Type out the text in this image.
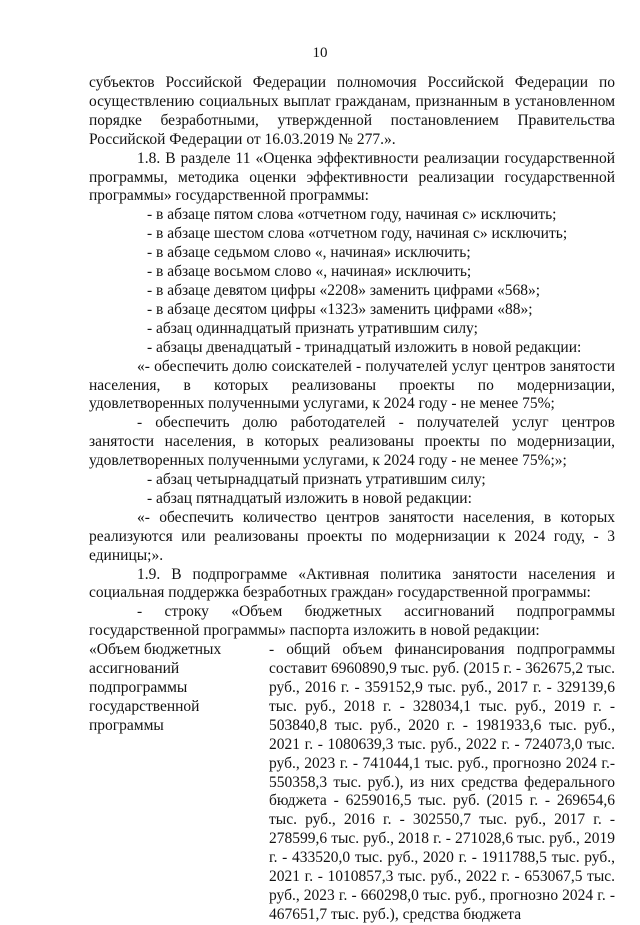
10

субъектов Российской Федерации полномочия Российской Федерации по осуществлению социальных выплат гражданам, признанным в установленном порядке безработными, утвержденной постановлением Правительства Российской Федерации от 16.03.2019 № 277.».

1.8. В разделе 11 «Оценка эффективности реализации государственной программы, методика оценки эффективности реализации государственной программы» государственной программы:

- в абзаце пятом слова «отчетном году, начиная с» исключить;

- в абзаце шестом слова «отчетном году, начиная с» исключить;

- в абзаце седьмом слово «, начиная» исключить;

- в абзаце восьмом слово «, начиная» исключить;

- в абзаце девятом цифры «2208» заменить цифрами «568»;

- в абзаце десятом цифры «1323» заменить цифрами «88»;

- абзац одиннадцатый признать утратившим силу;

- абзацы двенадцатый - тринадцатый изложить в новой редакции:

«- обеспечить долю соискателей - получателей услуг центров занятости населения, в которых реализованы проекты по модернизации, удовлетворенных полученными услугами, к 2024 году - не менее 75%;

- обеспечить долю работодателей - получателей услуг центров занятости населения, в которых реализованы проекты по модернизации, удовлетворенных полученными услугами, к 2024 году - не менее 75%;»;

- абзац четырнадцатый признать утратившим силу;

- абзац пятнадцатый изложить в новой редакции:

«- обеспечить количество центров занятости населения, в которых реализуются или реализованы проекты по модернизации к 2024 году, - 3 единицы;».

1.9. В подпрограмме «Активная политика занятости населения и социальная поддержка безработных граждан» государственной программы:

- строку «Объем бюджетных ассигнований подпрограммы государственной программы» паспорта изложить в новой редакции:

«Объем бюджетных ассигнований подпрограммы государственной программы
- общий объем финансирования подпрограммы составит 6960890,9 тыс. руб. (2015 г. - 362675,2 тыс. руб., 2016 г. - 359152,9 тыс. руб., 2017 г. - 329139,6 тыс. руб., 2018 г. - 328034,1 тыс. руб., 2019 г. - 503840,8 тыс. руб., 2020 г. - 1981933,6 тыс. руб., 2021 г. - 1080639,3 тыс. руб., 2022 г. - 724073,0 тыс. руб., 2023 г. - 741044,1 тыс. руб., прогнозно 2024 г.- 550358,3 тыс. руб.), из них средства федерального бюджета - 6259016,5 тыс. руб. (2015 г. - 269654,6 тыс. руб., 2016 г. - 302550,7 тыс. руб., 2017 г. - 278599,6 тыс. руб., 2018 г. - 271028,6 тыс. руб., 2019 г. - 433520,0 тыс. руб., 2020 г. - 1911788,5 тыс. руб., 2021 г. - 1010857,3 тыс. руб., 2022 г. - 653067,5 тыс. руб., 2023 г. - 660298,0 тыс. руб., прогнозно 2024 г. - 467651,7 тыс. руб.), средства бюджета
